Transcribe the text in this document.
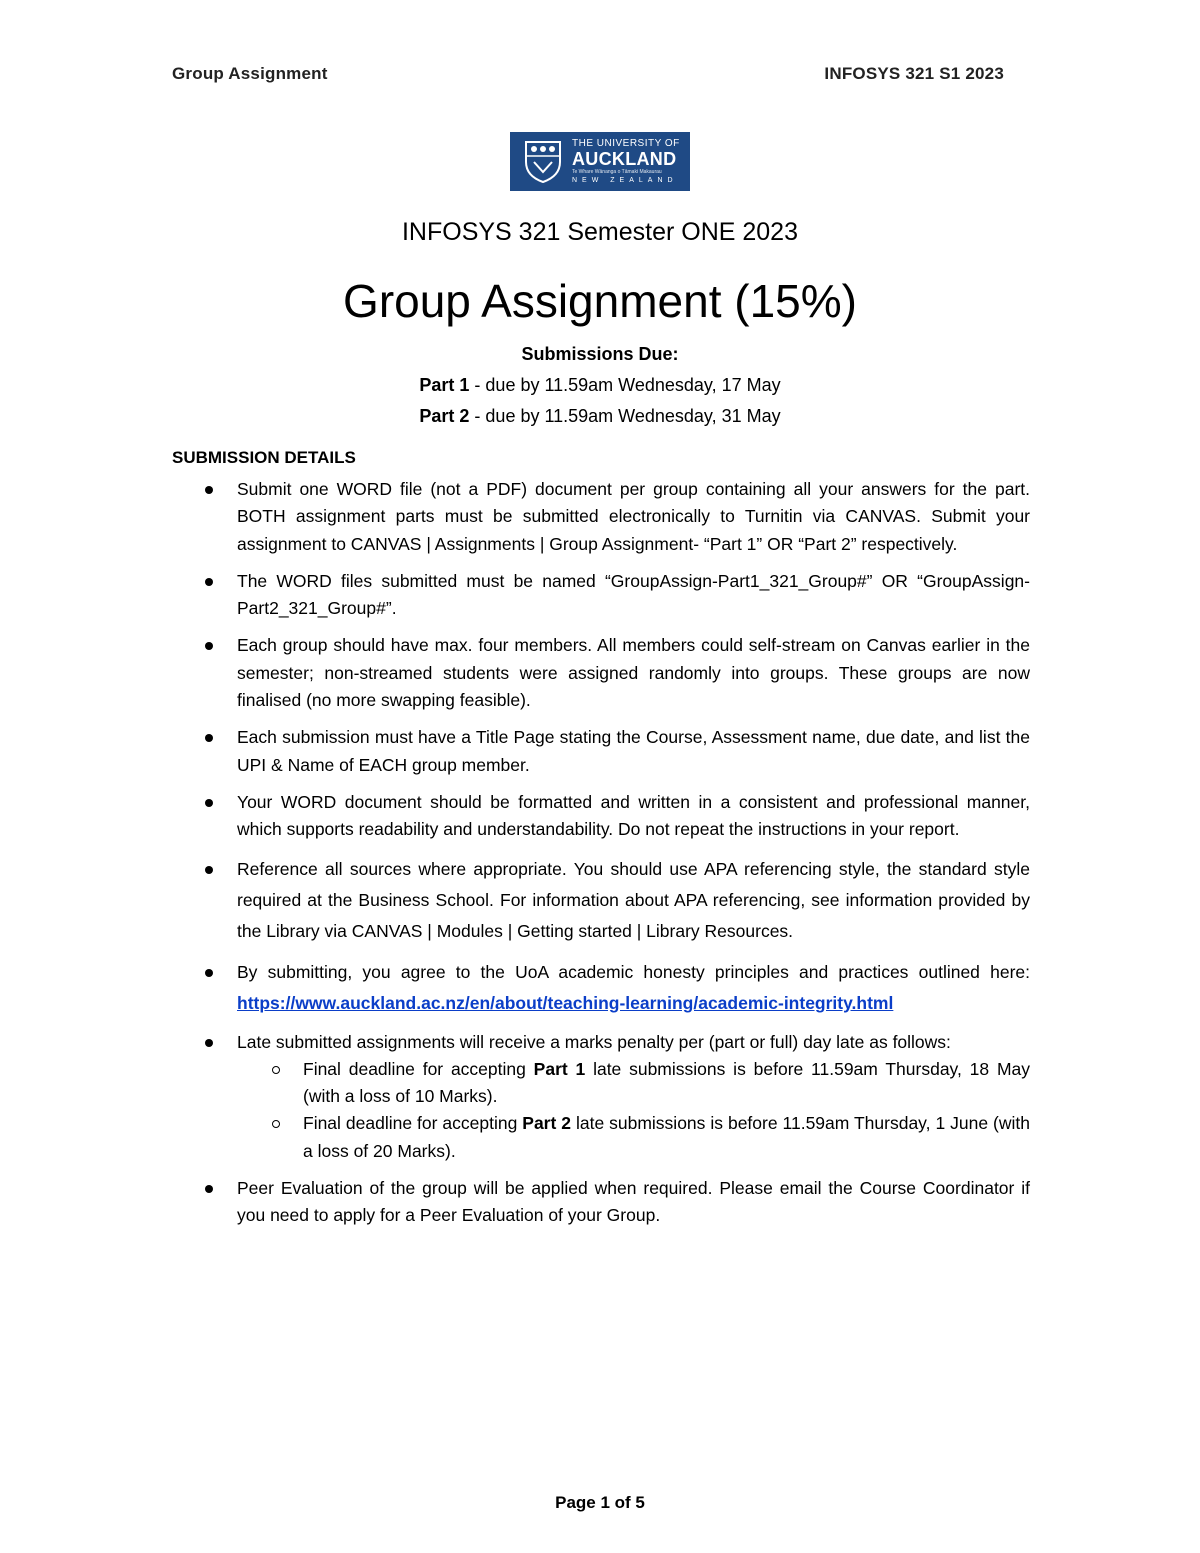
Group Assignment	INFOSYS 321 S1 2023
THE UNIVERSITY OF
AUCKLAND
Te Whare Wānanga o Tāmaki Makaurau
NEW ZEALAND
INFOSYS 321 Semester ONE 2023
Group Assignment (15%)
Submissions Due:
Part 1 - due by 11.59am Wednesday, 17 May
Part 2 - due by 11.59am Wednesday, 31 May
SUBMISSION DETAILS
Submit one WORD file (not a PDF) document per group containing all your answers for the part. BOTH assignment parts must be submitted electronically to Turnitin via CANVAS. Submit your assignment to CANVAS | Assignments | Group Assignment- “Part 1” OR “Part 2” respectively.
The WORD files submitted must be named “GroupAssign-Part1_321_Group#” OR “GroupAssign-Part2_321_Group#”.
Each group should have max. four members. All members could self-stream on Canvas earlier in the semester; non-streamed students were assigned randomly into groups. These groups are now finalised (no more swapping feasible).
Each submission must have a Title Page stating the Course, Assessment name, due date, and list the UPI & Name of EACH group member.
Your WORD document should be formatted and written in a consistent and professional manner, which supports readability and understandability. Do not repeat the instructions in your report.
Reference all sources where appropriate. You should use APA referencing style, the standard style required at the Business School. For information about APA referencing, see information provided by the Library via CANVAS | Modules | Getting started | Library Resources.
By submitting, you agree to the UoA academic honesty principles and practices outlined here: https://www.auckland.ac.nz/en/about/teaching-learning/academic-integrity.html
Late submitted assignments will receive a marks penalty per (part or full) day late as follows:
Final deadline for accepting Part 1 late submissions is before 11.59am Thursday, 18 May (with a loss of 10 Marks).
Final deadline for accepting Part 2 late submissions is before 11.59am Thursday, 1 June (with a loss of 20 Marks).
Peer Evaluation of the group will be applied when required. Please email the Course Coordinator if you need to apply for a Peer Evaluation of your Group.
Page 1 of 5
